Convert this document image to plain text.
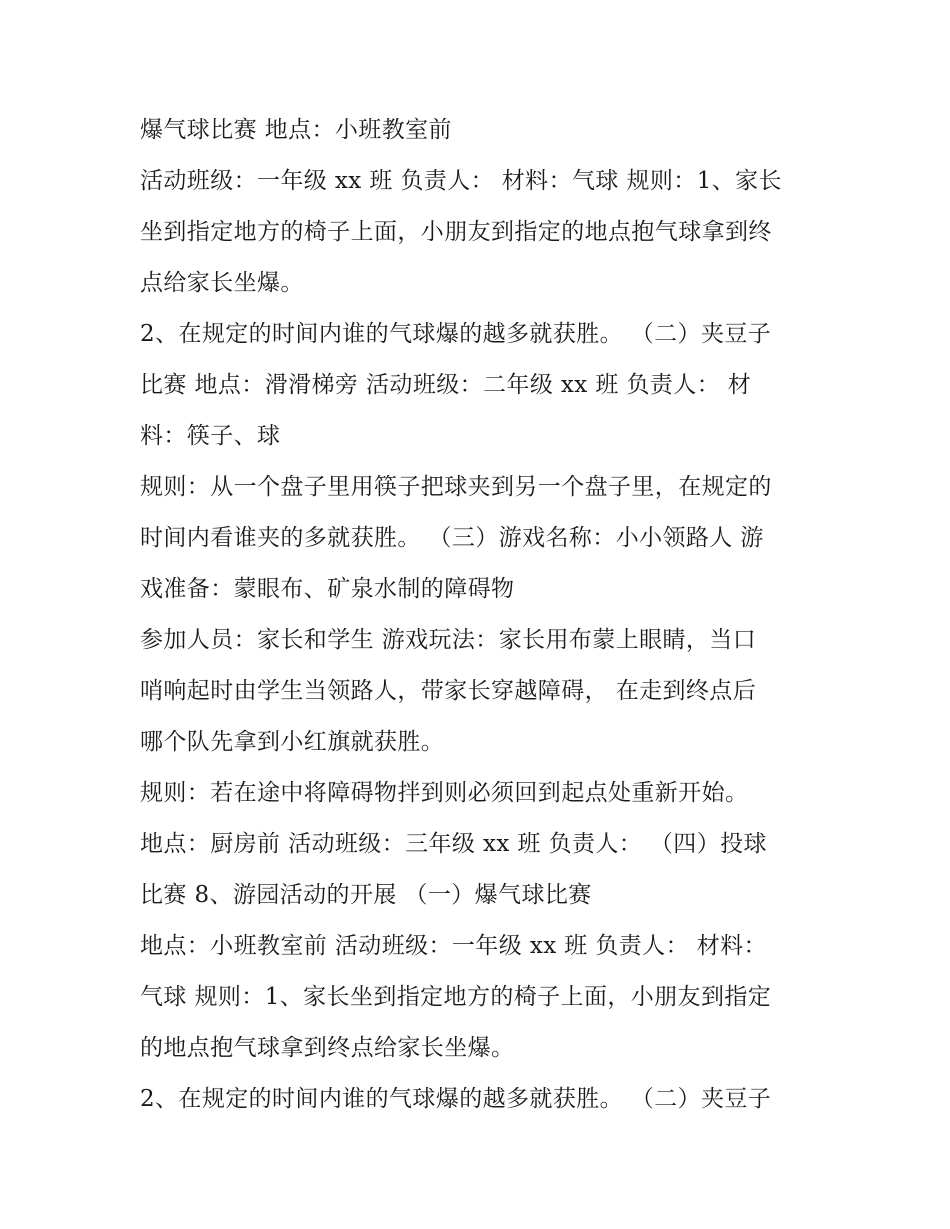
爆气球比赛 地点：小班教室前
活动班级：一年级 xx 班 负责人： 材料：气球 规则：1、家长
坐到指定地方的椅子上面，小朋友到指定的地点抱气球拿到终
点给家长坐爆。
2、在规定的时间内谁的气球爆的越多就获胜。 （二）夹豆子
比赛 地点：滑滑梯旁 活动班级：二年级 xx 班 负责人： 材
料：筷子、球
规则：从一个盘子里用筷子把球夹到另一个盘子里，在规定的
时间内看谁夹的多就获胜。 （三）游戏名称：小小领路人 游
戏准备：蒙眼布、矿泉水制的障碍物
参加人员：家长和学生 游戏玩法：家长用布蒙上眼睛，当口
哨响起时由学生当领路人，带家长穿越障碍， 在走到终点后
哪个队先拿到小红旗就获胜。
规则：若在途中将障碍物拌到则必须回到起点处重新开始。
地点：厨房前 活动班级：三年级 xx 班 负责人： （四）投球
比赛 8、游园活动的开展 （一）爆气球比赛
地点：小班教室前 活动班级：一年级 xx 班 负责人： 材料：
气球 规则：1、家长坐到指定地方的椅子上面，小朋友到指定
的地点抱气球拿到终点给家长坐爆。
2、在规定的时间内谁的气球爆的越多就获胜。 （二）夹豆子
